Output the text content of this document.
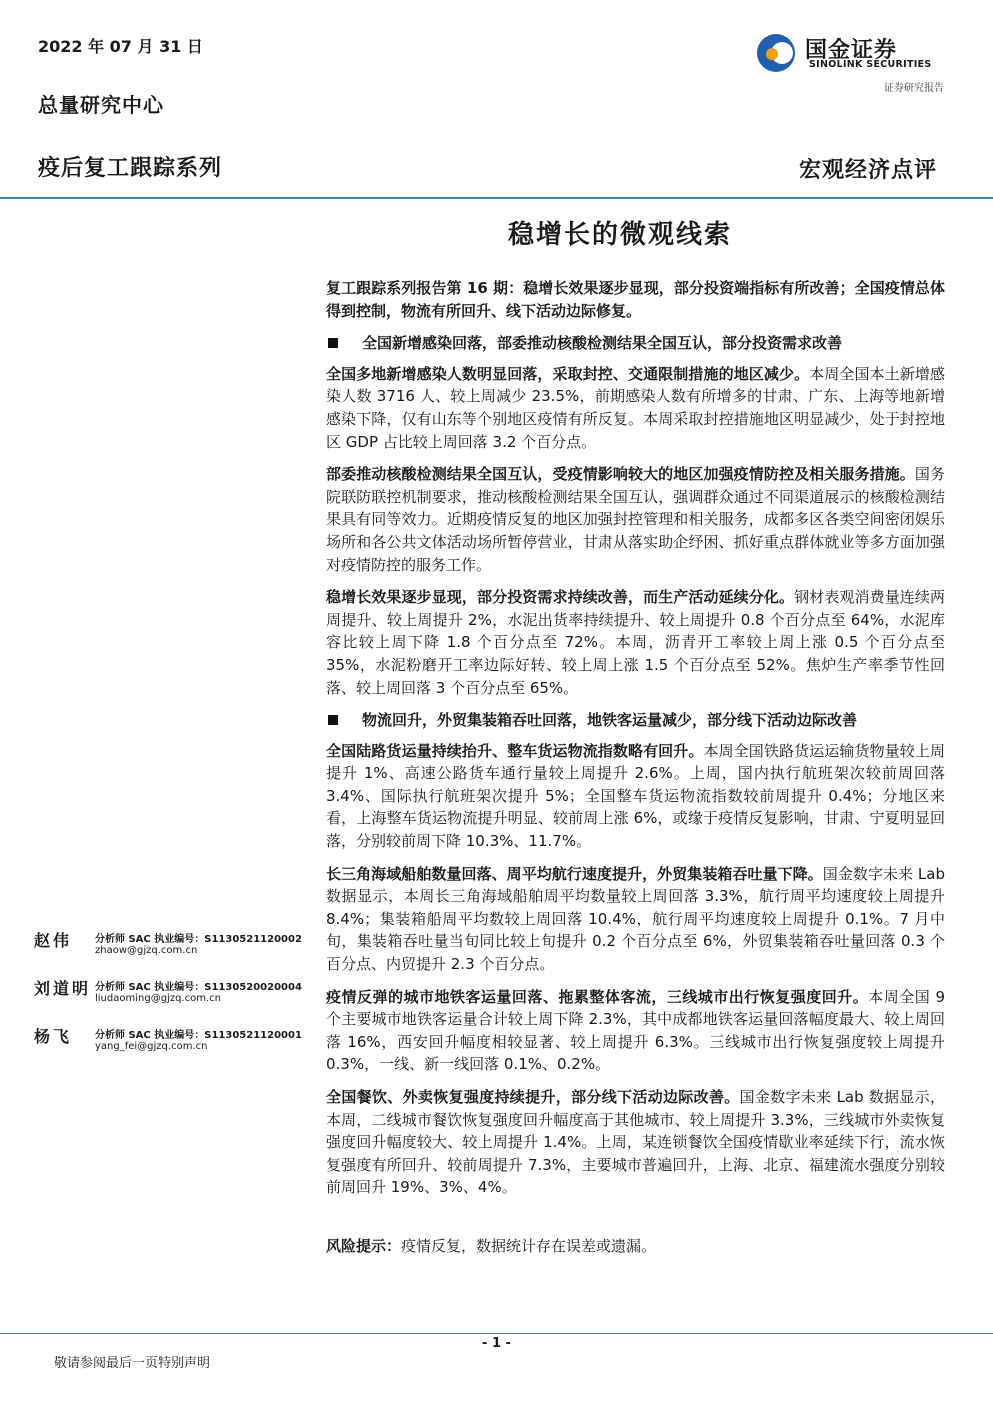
2022 年 07 月 31 日
总量研究中心
疫后复工跟踪系列	宏观经济点评
国金证券
SINOLINK SECURITIES
证券研究报告
稳增长的微观线索

复工跟踪系列报告第 16 期：稳增长效果逐步显现，部分投资端指标有所改善；全国疫情总体得到控制，物流有所回升、线下活动边际修复。

全国新增感染回落，部委推动核酸检测结果全国互认，部分投资需求改善

全国多地新增感染人数明显回落，采取封控、交通限制措施的地区减少。本周全国本土新增感染人数 3716 人、较上周减少 23.5%，前期感染人数有所增多的甘肃、广东、上海等地新增感染下降，仅有山东等个别地区疫情有所反复。本周采取封控措施地区明显减少，处于封控地区 GDP 占比较上周回落 3.2 个百分点。

部委推动核酸检测结果全国互认，受疫情影响较大的地区加强疫情防控及相关服务措施。国务院联防联控机制要求，推动核酸检测结果全国互认，强调群众通过不同渠道展示的核酸检测结果具有同等效力。近期疫情反复的地区加强封控管理和相关服务，成都多区各类空间密闭娱乐场所和各公共文体活动场所暂停营业，甘肃从落实助企纾困、抓好重点群体就业等多方面加强对疫情防控的服务工作。

稳增长效果逐步显现，部分投资需求持续改善，而生产活动延续分化。钢材表观消费量连续两周提升、较上周提升 2%，水泥出货率持续提升、较上周提升 0.8 个百分点至 64%，水泥库容比较上周下降 1.8 个百分点至 72%。本周，沥青开工率较上周上涨 0.5 个百分点至 35%，水泥粉磨开工率边际好转、较上周上涨 1.5 个百分点至 52%。焦炉生产率季节性回落、较上周回落 3 个百分点至 65%。

物流回升，外贸集装箱吞吐回落，地铁客运量减少，部分线下活动边际改善

全国陆路货运量持续抬升、整车货运物流指数略有回升。本周全国铁路货运运输货物量较上周提升 1%、高速公路货车通行量较上周提升 2.6%。上周，国内执行航班架次较前周回落 3.4%、国际执行航班架次提升 5%；全国整车货运物流指数较前周提升 0.4%；分地区来看，上海整车货运物流提升明显、较前周上涨 6%，或缘于疫情反复影响，甘肃、宁夏明显回落，分别较前周下降 10.3%、11.7%。

长三角海域船舶数量回落、周平均航行速度提升，外贸集装箱吞吐量下降。国金数字未来 Lab 数据显示，本周长三角海域船舶周平均数量较上周回落 3.3%，航行周平均速度较上周提升 8.4%；集装箱船周平均数较上周回落 10.4%，航行周平均速度较上周提升 0.1%。7 月中旬，集装箱吞吐量当旬同比较上旬提升 0.2 个百分点至 6%，外贸集装箱吞吐量回落 0.3 个百分点、内贸提升 2.3 个百分点。

疫情反弹的城市地铁客运量回落、拖累整体客流，三线城市出行恢复强度回升。本周全国 9 个主要城市地铁客运量合计较上周下降 2.3%，其中成都地铁客运量回落幅度最大、较上周回落 16%，西安回升幅度相较显著、较上周提升 6.3%。三线城市出行恢复强度较上周提升 0.3%，一线、新一线回落 0.1%、0.2%。

全国餐饮、外卖恢复强度持续提升，部分线下活动边际改善。国金数字未来 Lab 数据显示，本周，二线城市餐饮恢复强度回升幅度高于其他城市、较上周提升 3.3%，三线城市外卖恢复强度回升幅度较大、较上周提升 1.4%。上周，某连锁餐饮全国疫情歇业率延续下行，流水恢复强度有所回升、较前周提升 7.3%，主要城市普遍回升，上海、北京、福建流水强度分别较前周回升 19%、3%、4%。

风险提示：疫情反复，数据统计存在误差或遗漏。

赵伟 分析师 SAC 执业编号：S1130521120002
zhaow@gjzq.com.cn
刘道明 分析师 SAC 执业编号：S1130520020004
liudaoming@gjzq.com.cn
杨飞 分析师 SAC 执业编号：S1130521120001
yang_fei@gjzq.com.cn
- 1 -
敬请参阅最后一页特别声明
